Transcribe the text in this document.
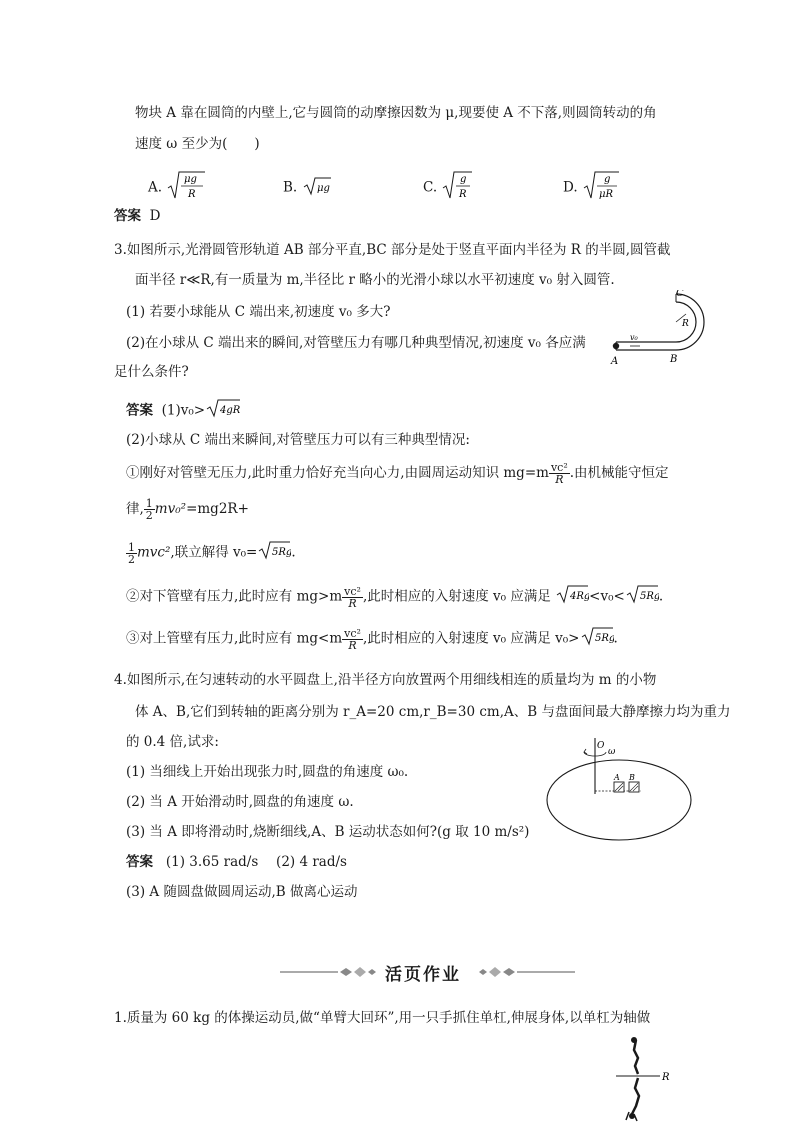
物块 A 靠在圆筒的内壁上,它与圆筒的动摩擦因数为 μ,现要使 A 不下落,则圆筒转动的角
速度 ω 至少为(　　)
A. μg
R	B. μg	C. g
R	D.	g
μR
答案 D
3.如图所示,光滑圆管形轨道 AB 部分平直,BC 部分是处于竖直平面内半径为 R 的半圆,圆管截
面半径 r≪R,有一质量为 m,半径比 r 略小的光滑小球以水平初速度 v₀ 射入圆管.
(1) 若要小球能从 C 端出来,初速度 v₀ 多大?
(2)在小球从 C 端出来的瞬间,对管壁压力有哪几种典型情况,初速度 v₀ 各应满
足什么条件?
v₀
C
R
A	B
答案 (1)v₀> 4gR
(2)小球从 C 端出来瞬间,对管壁压力可以有三种典型情况:
①刚好对管壁无压力,此时重力恰好充当向心力,由圆周运动知识 $mg=m \frac{\text{vc²}}{R}$ .由机械能守恒定
律, $\frac{1}{2} mv_0^2=mg2R+$
$\frac{1}{2} mvc^2$,联立解得 v₀= 5Rg
.
②对下管壁有压力,此时应有 $mg>m \frac{\text{vc²}}{R}$ ,此时相应的入射速度 v₀ 应满足 4Rg
<v₀< 5Rg
.
③对上管壁有压力,此时应有 $mg<m \frac{\text{vc²}}{R}$ ,此时相应的入射速度 v₀ 应满足 v₀> 5Rg
.
4.如图所示,在匀速转动的水平圆盘上,沿半径方向放置两个用细线相连的质量均为 m 的小物
体 A、B,它们到转轴的距离分别为 r_A=20 cm,r_B=30 cm,A、B 与盘面间最大静摩擦力均为重力
的 0.4 倍,试求:
(1) 当细线上开始出现张力时,圆盘的角速度 ω₀.
(2) 当 A 开始滑动时,圆盘的角速度 ω.
(3) 当 A 即将滑动时,烧断细线,A、B 运动状态如何?(g 取 10 m/s²)
O
ω
A B
答案 (1) 3.65 rad/s　 (2) 4 rad/s
(3) A 随圆盘做圆周运动,B 做离心运动
活页作业
1.质量为 60 kg 的体操运动员,做“单臂大回环”,用一只手抓住单杠,伸展身体,以单杠为轴做
R
